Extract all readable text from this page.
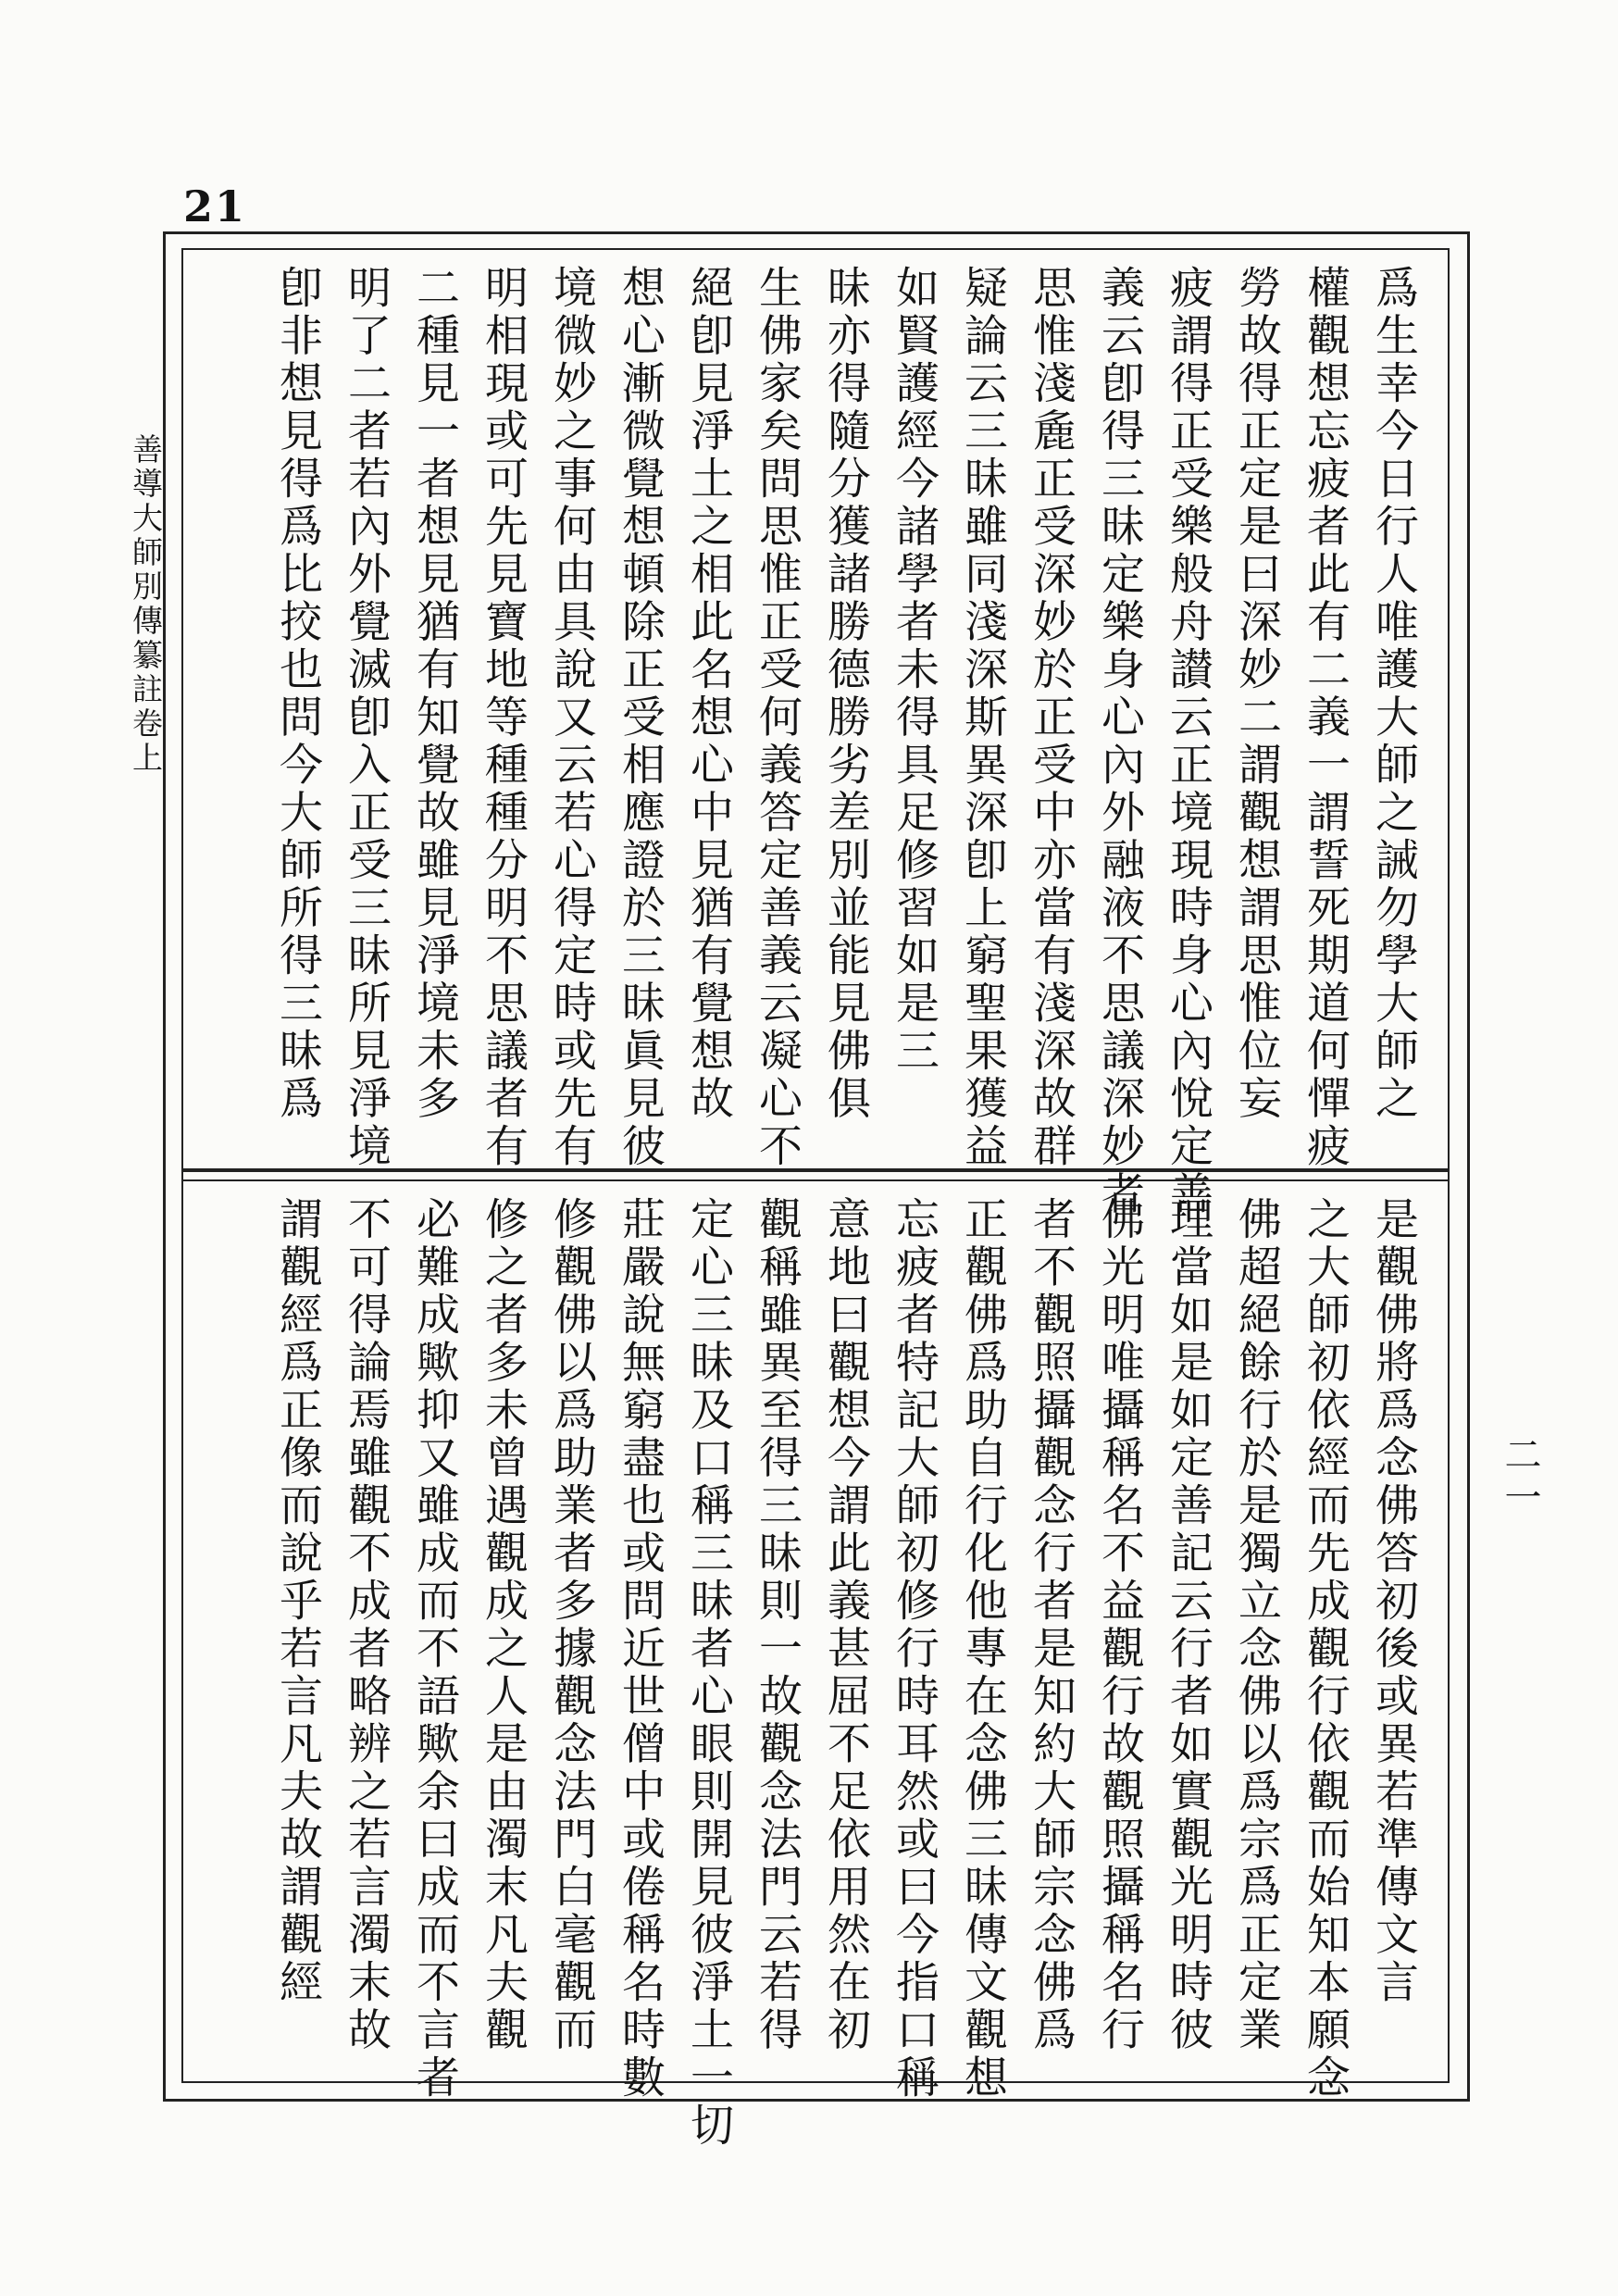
21
善導大師別傳纂註卷上
二一
爲生幸今日行人唯護大師之誡勿學大師之
權觀想忘疲者此有二義一謂誓死期道何憚疲
勞故得正定是曰深妙二謂觀想謂思惟位妄
疲謂得正受樂般舟讃云正境現時身心內悅定善
義云卽得三昧定樂身心內外融液不思議深妙者
思惟淺麁正受深妙於正受中亦當有淺深故群
疑論云三昧雖同淺深斯異深卽上窮聖果獲益
如賢護經今諸學者未得具足修習如是三
昧亦得隨分獲諸勝德勝劣差別並能見佛俱
生佛家矣問思惟正受何義答定善義云凝心不
絕卽見淨土之相此名想心中見猶有覺想故
想心漸微覺想頓除正受相應證於三昧眞見彼
境微妙之事何由具說又云若心得定時或先有
明相現或可先見寶地等種種分明不思議者有
二種見一者想見猶有知覺故雖見淨境未多
明了二者若內外覺滅卽入正受三昧所見淨境
卽非想見得爲比挍也問今大師所得三昧爲
是觀佛將爲念佛答初後或異若準傳文言
之大師初依經而先成觀行依觀而始知本願念
佛超絕餘行於是獨立念佛以爲宗爲正定業
理當如是如定善記云行者如實觀光明時彼
佛光明唯攝稱名不益觀行故觀照攝稱名行
者不觀照攝觀念行者是知約大師宗念佛爲
正觀佛爲助自行化他專在念佛三昧傳文觀想
忘疲者特記大師初修行時耳然或曰今指口稱
意地曰觀想今謂此義甚屈不足依用然在初
觀稱雖異至得三昧則一故觀念法門云若得
定心三昧及口稱三昧者心眼則開見彼淨土一切
莊嚴說無窮盡也或問近世僧中或倦稱名時數
修觀佛以爲助業者多據觀念法門白毫觀而
修之者多未曾遇觀成之人是由濁末凡夫觀
必難成歟抑又雖成而不語歟余曰成而不言者
不可得論焉雖觀不成者略辨之若言濁末故
謂觀經爲正像而說乎若言凡夫故謂觀經
